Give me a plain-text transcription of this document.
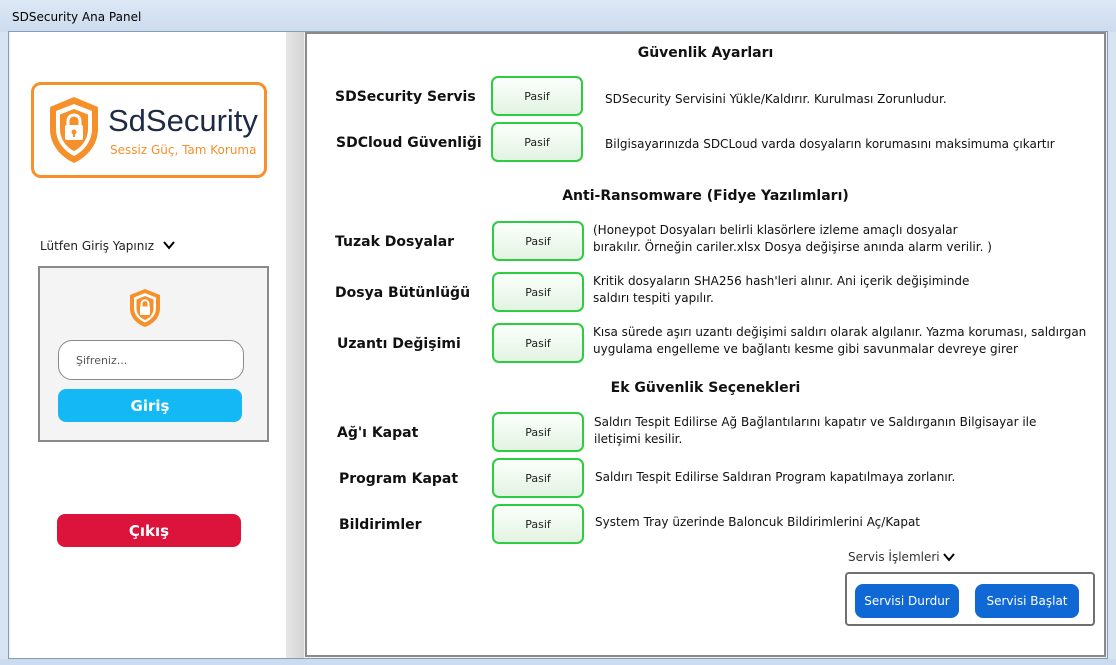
SDSecurity Ana Panel
SdSecurity
Sessiz Güç, Tam Koruma
Lütfen Giriş Yapınız
Giriş
Çıkış
Güvenlik Ayarları
SDSecurity Servis	Pasif	SDSecurity Servisini Yükle/Kaldırır. Kurulması Zorunludur.
SDCloud Güvenliği	Pasif	Bilgisayarınızda SDCLoud varda dosyaların korumasını maksimuma çıkartır
Anti-Ransomware (Fidye Yazılımları)
Tuzak Dosyalar	Pasif
(Honeypot Dosyaları belirli klasörlere izleme amaçlı dosyalar
bırakılır. Örneğin cariler.xlsx Dosya değişirse anında alarm verilir. )
Dosya Bütünlüğü	Pasif
Kritik dosyaların SHA256 hash'leri alınır. Ani içerik değişiminde
saldırı tespiti yapılır.
Uzantı Değişimi	Pasif
Kısa sürede aşırı uzantı değişimi saldırı olarak algılanır. Yazma koruması, saldırgan
uygulama engelleme ve bağlantı kesme gibi savunmalar devreye girer
Ek Güvenlik Seçenekleri
Ağ'ı Kapat	Pasif
Saldırı Tespit Edilirse Ağ Bağlantılarını kapatır ve Saldırganın Bilgisayar ile
iletişimi kesilir.
Program Kapat	Pasif	Saldırı Tespit Edilirse Saldıran Program kapatılmaya zorlanır.
Bildirimler	Pasif	System Tray üzerinde Baloncuk Bildirimlerini Aç/Kapat
Servis İşlemleri
Servisi Durdur	Servisi Başlat
